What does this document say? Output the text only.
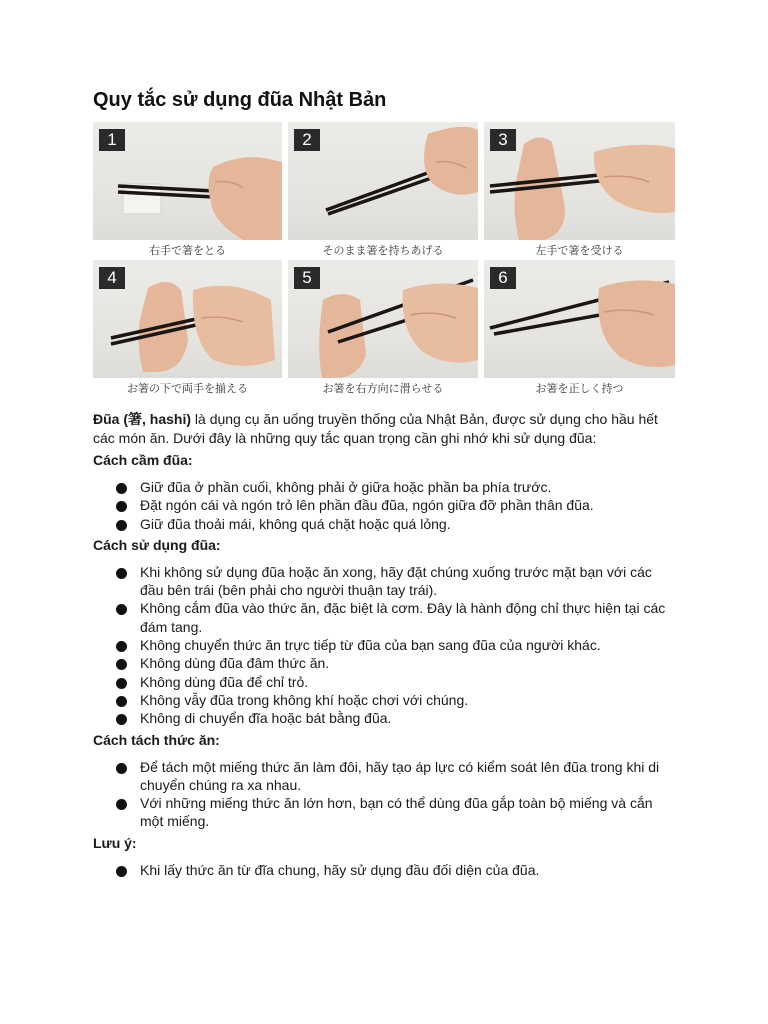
Quy tắc sử dụng đũa Nhật Bản
1
右手で箸をとる
2
そのまま箸を持ちあげる
3
左手で箸を受ける
4
お箸の下で両手を揃える
5
お箸を右方向に滑らせる
6
お箸を正しく持つ

Đũa (箸, hashi) là dụng cụ ăn uống truyền thống của Nhật Bản, được sử dụng cho hầu hết các món ăn. Dưới đây là những quy tắc quan trọng cần ghi nhớ khi sử dụng đũa:

Cách cầm đũa:
Giữ đũa ở phần cuối, không phải ở giữa hoặc phần ba phía trước.
Đặt ngón cái và ngón trỏ lên phần đầu đũa, ngón giữa đỡ phần thân đũa.
Giữ đũa thoải mái, không quá chặt hoặc quá lỏng.
Cách sử dụng đũa:
Khi không sử dụng đũa hoặc ăn xong, hãy đặt chúng xuống trước mặt bạn với các đầu bên trái (bên phải cho người thuận tay trái).
Không cắm đũa vào thức ăn, đặc biệt là cơm. Đây là hành động chỉ thực hiện tại các đám tang.
Không chuyển thức ăn trực tiếp từ đũa của bạn sang đũa của người khác.
Không dùng đũa đâm thức ăn.
Không dùng đũa để chỉ trỏ.
Không vẫy đũa trong không khí hoặc chơi với chúng.
Không di chuyển đĩa hoặc bát bằng đũa.
Cách tách thức ăn:
Để tách một miếng thức ăn làm đôi, hãy tạo áp lực có kiểm soát lên đũa trong khi di chuyển chúng ra xa nhau.
Với những miếng thức ăn lớn hơn, bạn có thể dùng đũa gắp toàn bộ miếng và cắn một miếng.
Lưu ý:
Khi lấy thức ăn từ đĩa chung, hãy sử dụng đầu đối diện của đũa.
